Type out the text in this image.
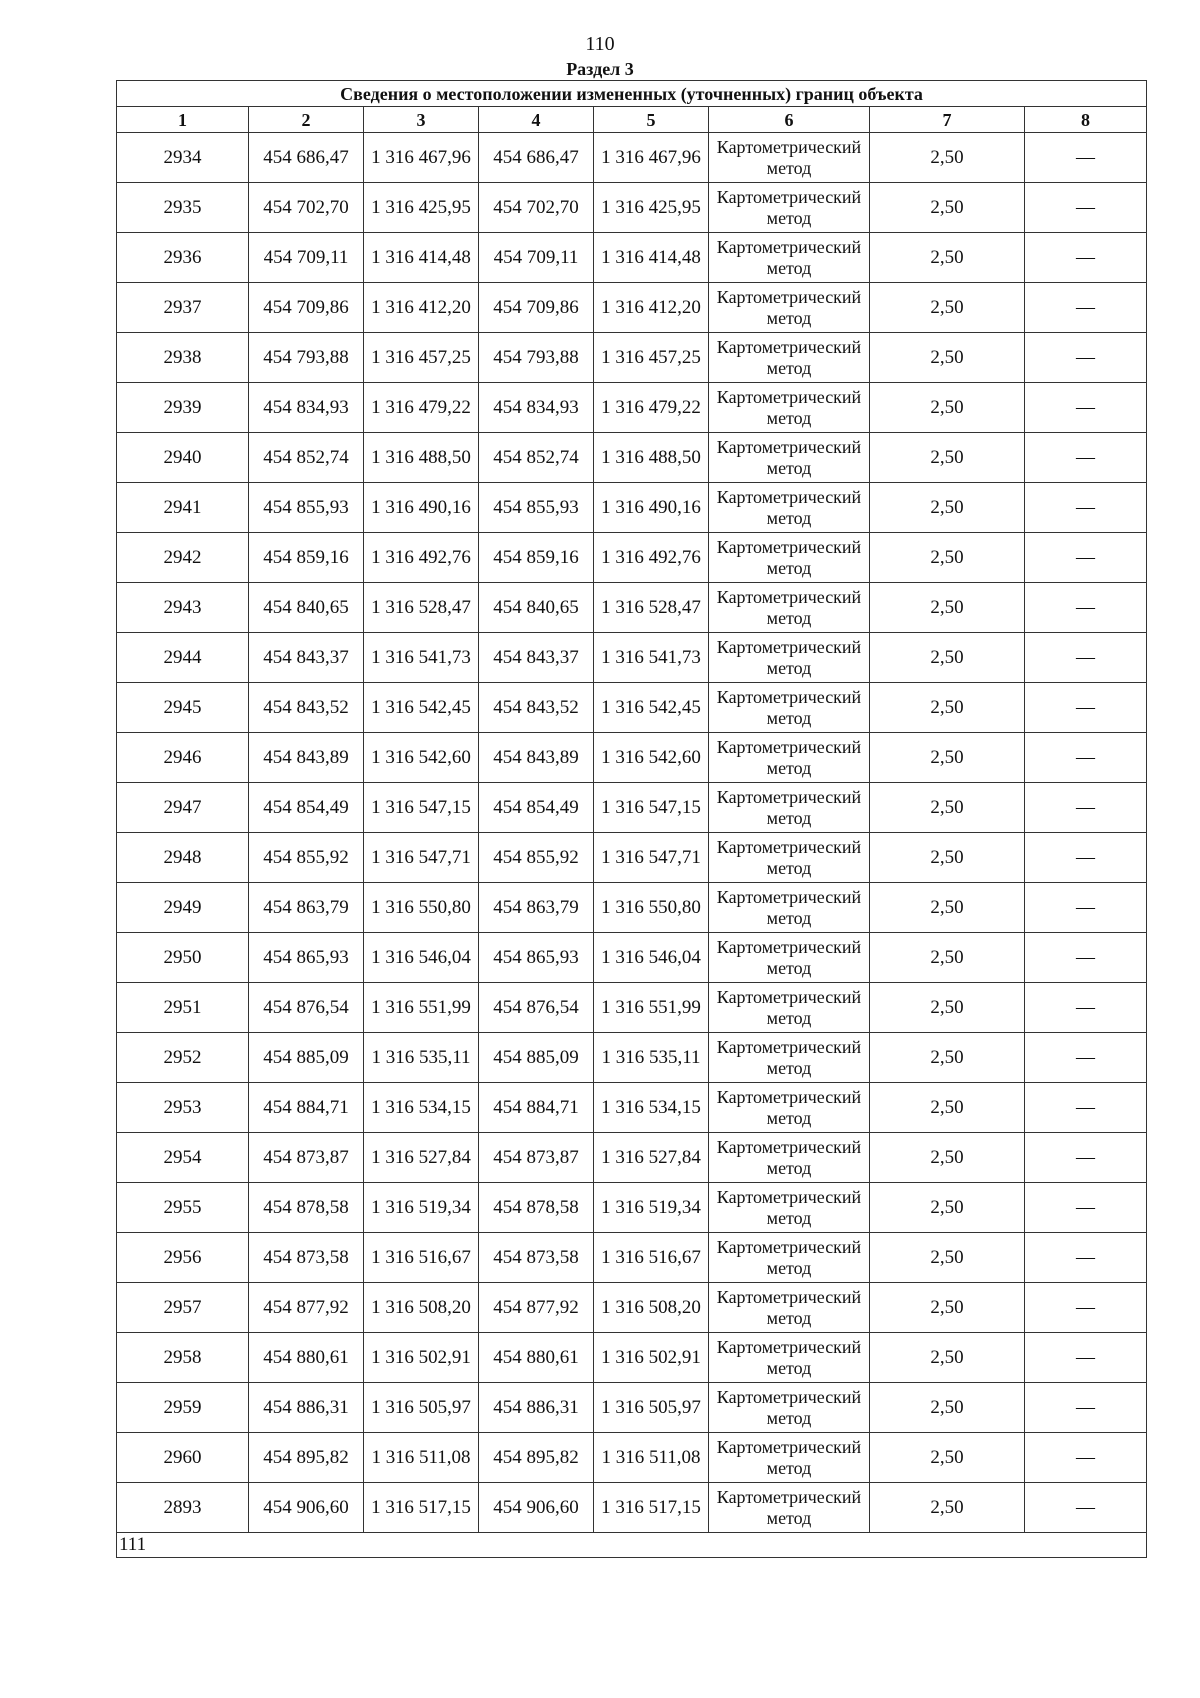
110
Раздел 3
Сведения о местоположении измененных (уточненных) границ объекта							
1	2	3	4	5	6	7	8
2934	454 686,47	1 316 467,96	454 686,47	1 316 467,96	Картометрический метод	2,50	—
2935	454 702,70	1 316 425,95	454 702,70	1 316 425,95	Картометрический метод	2,50	—
2936	454 709,11	1 316 414,48	454 709,11	1 316 414,48	Картометрический метод	2,50	—
2937	454 709,86	1 316 412,20	454 709,86	1 316 412,20	Картометрический метод	2,50	—
2938	454 793,88	1 316 457,25	454 793,88	1 316 457,25	Картометрический метод	2,50	—
2939	454 834,93	1 316 479,22	454 834,93	1 316 479,22	Картометрический метод	2,50	—
2940	454 852,74	1 316 488,50	454 852,74	1 316 488,50	Картометрический метод	2,50	—
2941	454 855,93	1 316 490,16	454 855,93	1 316 490,16	Картометрический метод	2,50	—
2942	454 859,16	1 316 492,76	454 859,16	1 316 492,76	Картометрический метод	2,50	—
2943	454 840,65	1 316 528,47	454 840,65	1 316 528,47	Картометрический метод	2,50	—
2944	454 843,37	1 316 541,73	454 843,37	1 316 541,73	Картометрический метод	2,50	—
2945	454 843,52	1 316 542,45	454 843,52	1 316 542,45	Картометрический метод	2,50	—
2946	454 843,89	1 316 542,60	454 843,89	1 316 542,60	Картометрический метод	2,50	—
2947	454 854,49	1 316 547,15	454 854,49	1 316 547,15	Картометрический метод	2,50	—
2948	454 855,92	1 316 547,71	454 855,92	1 316 547,71	Картометрический метод	2,50	—
2949	454 863,79	1 316 550,80	454 863,79	1 316 550,80	Картометрический метод	2,50	—
2950	454 865,93	1 316 546,04	454 865,93	1 316 546,04	Картометрический метод	2,50	—
2951	454 876,54	1 316 551,99	454 876,54	1 316 551,99	Картометрический метод	2,50	—
2952	454 885,09	1 316 535,11	454 885,09	1 316 535,11	Картометрический метод	2,50	—
2953	454 884,71	1 316 534,15	454 884,71	1 316 534,15	Картометрический метод	2,50	—
2954	454 873,87	1 316 527,84	454 873,87	1 316 527,84	Картометрический метод	2,50	—
2955	454 878,58	1 316 519,34	454 878,58	1 316 519,34	Картометрический метод	2,50	—
2956	454 873,58	1 316 516,67	454 873,58	1 316 516,67	Картометрический метод	2,50	—
2957	454 877,92	1 316 508,20	454 877,92	1 316 508,20	Картометрический метод	2,50	—
2958	454 880,61	1 316 502,91	454 880,61	1 316 502,91	Картометрический метод	2,50	—
2959	454 886,31	1 316 505,97	454 886,31	1 316 505,97	Картометрический метод	2,50	—
2960	454 895,82	1 316 511,08	454 895,82	1 316 511,08	Картометрический метод	2,50	—
2893	454 906,60	1 316 517,15	454 906,60	1 316 517,15	Картометрический метод	2,50	—
111							
